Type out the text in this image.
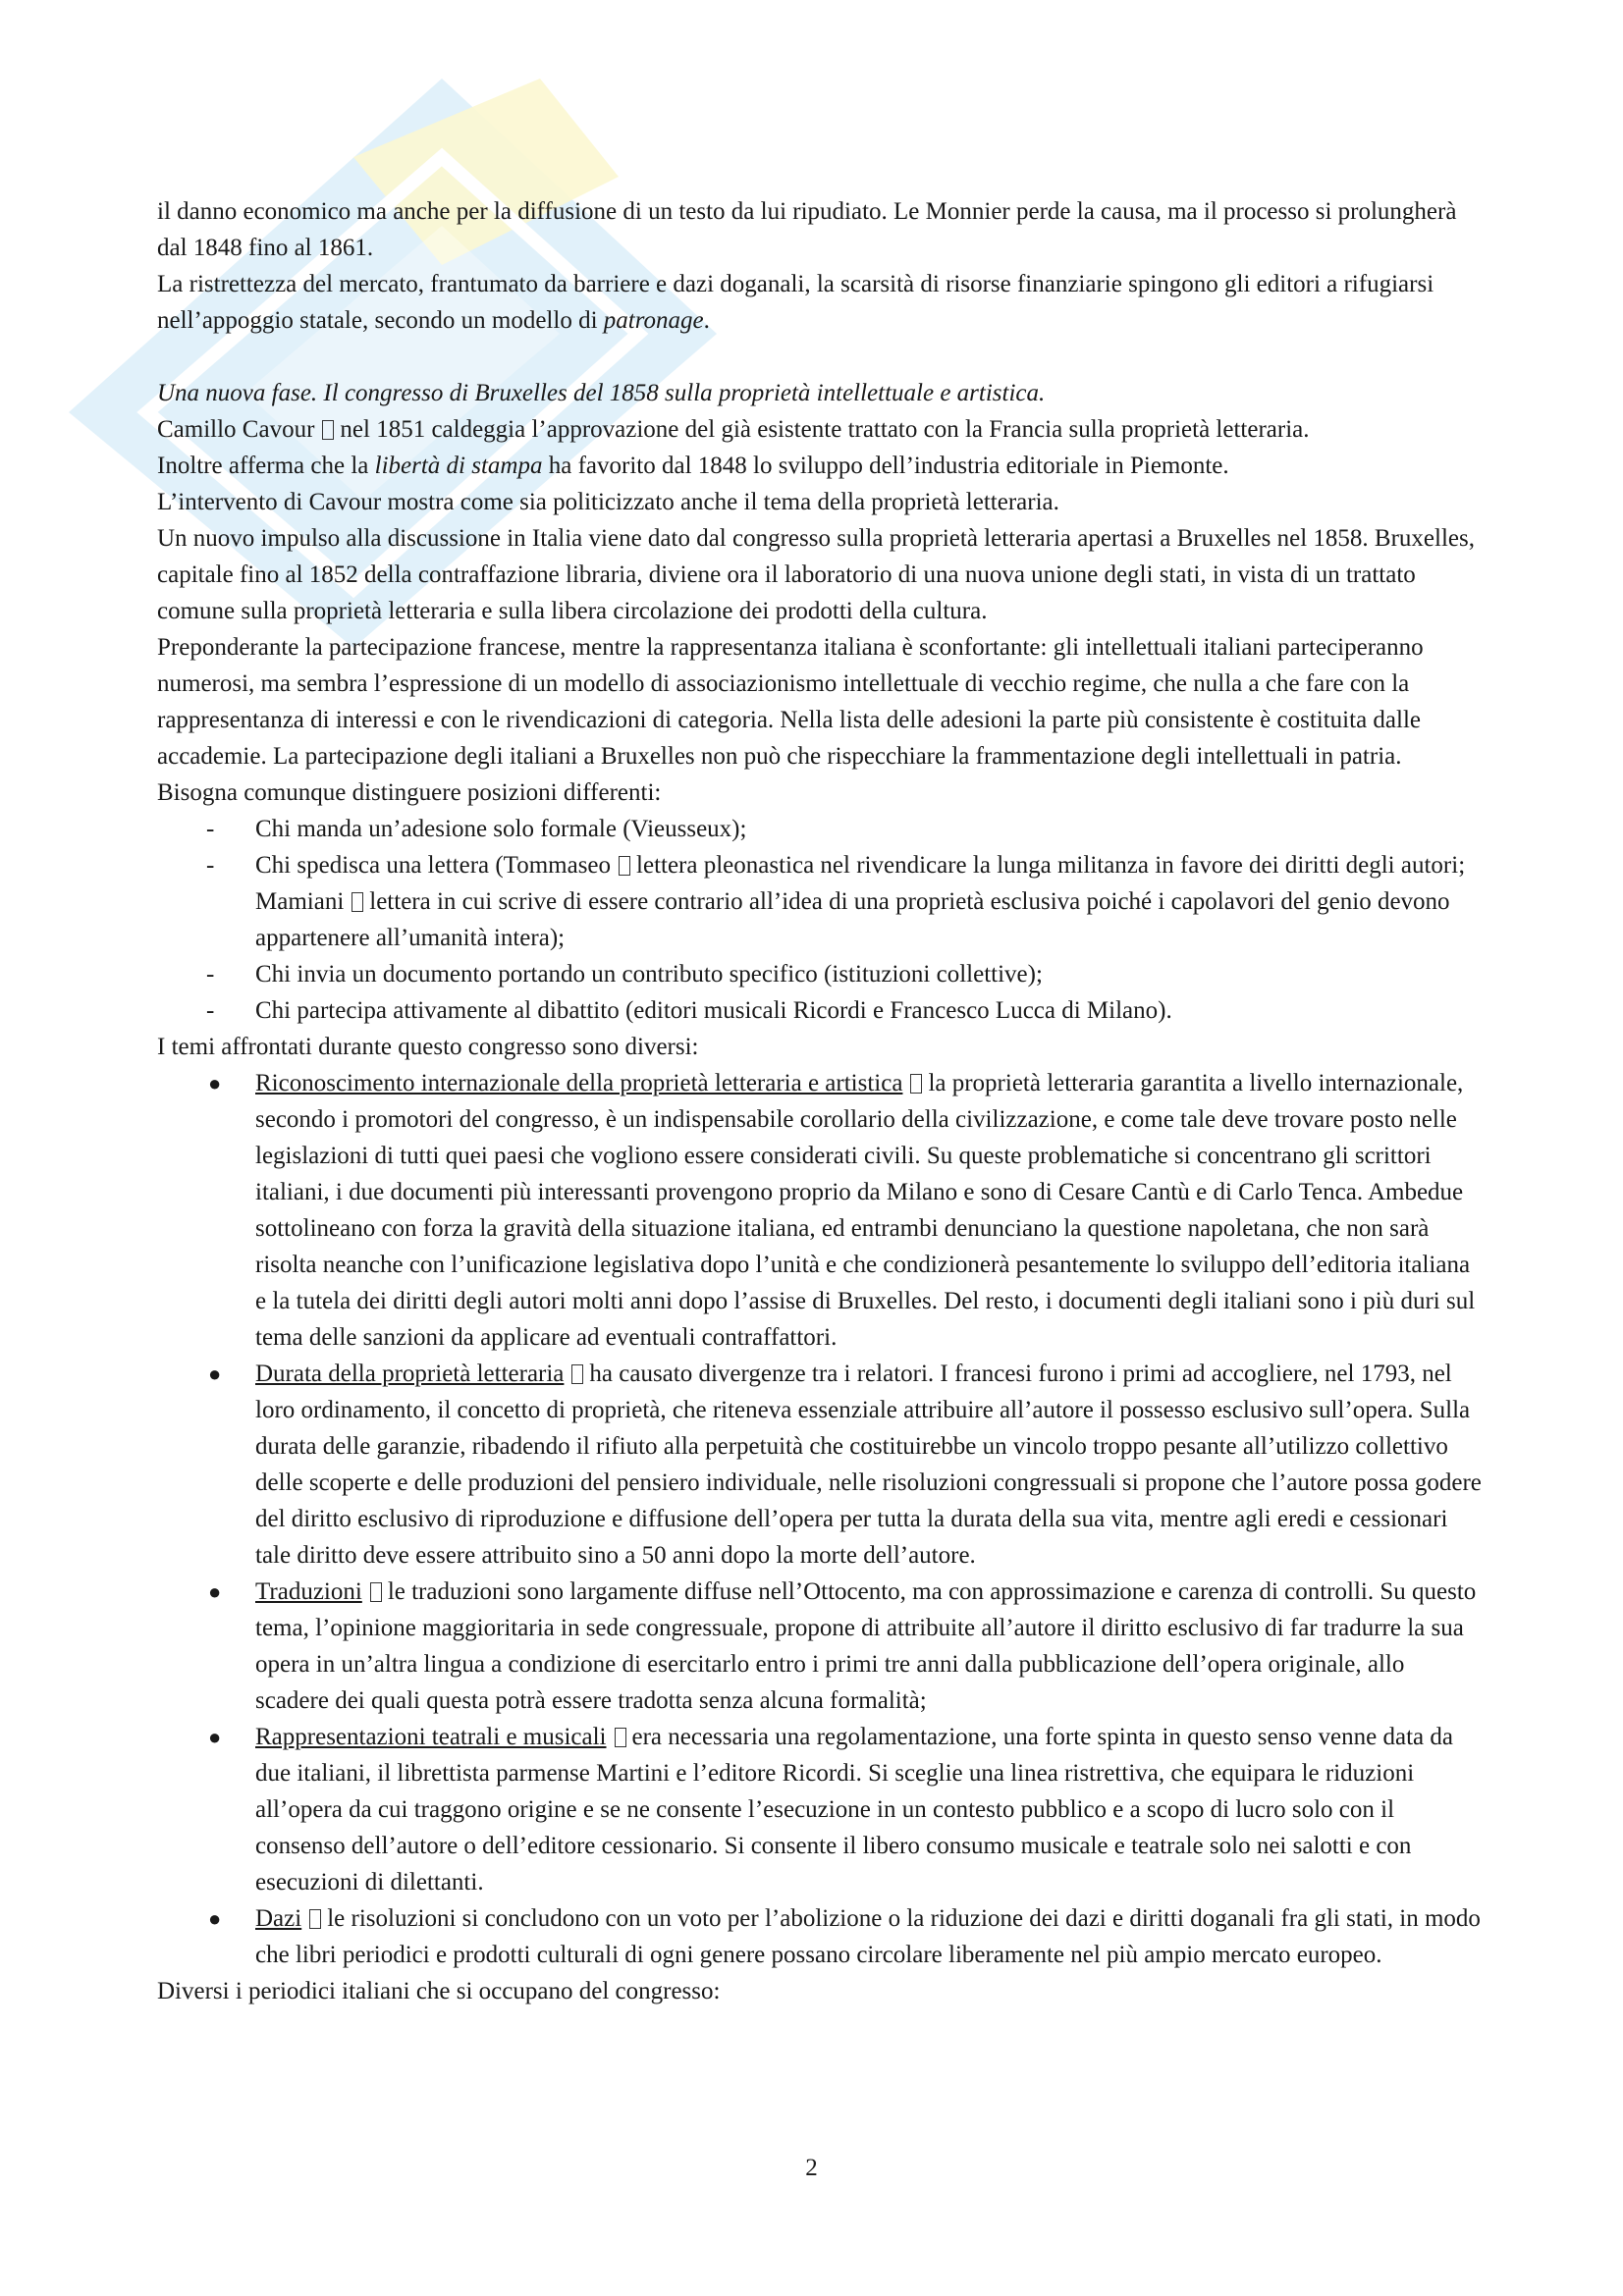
il danno economico ma anche per la diffusione di un testo da lui ripudiato. Le Monnier perde la causa, ma il processo si prolungherà dal 1848 fino al 1861.

La ristrettezza del mercato, frantumato da barriere e dazi doganali, la scarsità di risorse finanziarie spingono gli editori a rifugiarsi nell’appoggio statale, secondo un modello di patronage.

Una nuova fase. Il congresso di Bruxelles del 1858 sulla proprietà intellettuale e artistica.

Camillo Cavour nel 1851 caldeggia l’approvazione del già esistente trattato con la Francia sulla proprietà letteraria.

Inoltre afferma che la libertà di stampa ha favorito dal 1848 lo sviluppo dell’industria editoriale in Piemonte.

L’intervento di Cavour mostra come sia politicizzato anche il tema della proprietà letteraria.

Un nuovo impulso alla discussione in Italia viene dato dal congresso sulla proprietà letteraria apertasi a Bruxelles nel 1858. Bruxelles, capitale fino al 1852 della contraffazione libraria, diviene ora il laboratorio di una nuova unione degli stati, in vista di un trattato comune sulla proprietà letteraria e sulla libera circolazione dei prodotti della cultura.

Preponderante la partecipazione francese, mentre la rappresentanza italiana è sconfortante: gli intellettuali italiani parteciperanno numerosi, ma sembra l’espressione di un modello di associazionismo intellettuale di vecchio regime, che nulla a che fare con la rappresentanza di interessi e con le rivendicazioni di categoria. Nella lista delle adesioni la parte più consistente è costituita dalle accademie. La partecipazione degli italiani a Bruxelles non può che rispecchiare la frammentazione degli intellettuali in patria. Bisogna comunque distinguere posizioni differenti:

- Chi manda un’adesione solo formale (Vieusseux);
- Chi spedisca una lettera (Tommaseo lettera pleonastica nel rivendicare la lunga militanza in favore dei diritti degli autori; Mamiani lettera in cui scrive di essere contrario all’idea di una proprietà esclusiva poiché i capolavori del genio devono appartenere all’umanità intera);
- Chi invia un documento portando un contributo specifico (istituzioni collettive);
- Chi partecipa attivamente al dibattito (editori musicali Ricordi e Francesco Lucca di Milano).

I temi affrontati durante questo congresso sono diversi:

● Riconoscimento internazionale della proprietà letteraria e artistica la proprietà letteraria garantita a livello internazionale, secondo i promotori del congresso, è un indispensabile corollario della civilizzazione, e come tale deve trovare posto nelle legislazioni di tutti quei paesi che vogliono essere considerati civili. Su queste problematiche si concentrano gli scrittori italiani, i due documenti più interessanti provengono proprio da Milano e sono di Cesare Cantù e di Carlo Tenca. Ambedue sottolineano con forza la gravità della situazione italiana, ed entrambi denunciano la questione napoletana, che non sarà risolta neanche con l’unificazione legislativa dopo l’unità e che condizionerà pesantemente lo sviluppo dell’editoria italiana e la tutela dei diritti degli autori molti anni dopo l’assise di Bruxelles. Del resto, i documenti degli italiani sono i più duri sul tema delle sanzioni da applicare ad eventuali contraffattori.
● Durata della proprietà letteraria ha causato divergenze tra i relatori. I francesi furono i primi ad accogliere, nel 1793, nel loro ordinamento, il concetto di proprietà, che riteneva essenziale attribuire all’autore il possesso esclusivo sull’opera. Sulla durata delle garanzie, ribadendo il rifiuto alla perpetuità che costituirebbe un vincolo troppo pesante all’utilizzo collettivo delle scoperte e delle produzioni del pensiero individuale, nelle risoluzioni congressuali si propone che l’autore possa godere del diritto esclusivo di riproduzione e diffusione dell’opera per tutta la durata della sua vita, mentre agli eredi e cessionari tale diritto deve essere attribuito sino a 50 anni dopo la morte dell’autore.
● Traduzioni le traduzioni sono largamente diffuse nell’Ottocento, ma con approssimazione e carenza di controlli. Su questo tema, l’opinione maggioritaria in sede congressuale, propone di attribuite all’autore il diritto esclusivo di far tradurre la sua opera in un’altra lingua a condizione di esercitarlo entro i primi tre anni dalla pubblicazione dell’opera originale, allo scadere dei quali questa potrà essere tradotta senza alcuna formalità;
● Rappresentazioni teatrali e musicali era necessaria una regolamentazione, una forte spinta in questo senso venne data da due italiani, il librettista parmense Martini e l’editore Ricordi. Si sceglie una linea ristrettiva, che equipara le riduzioni all’opera da cui traggono origine e se ne consente l’esecuzione in un contesto pubblico e a scopo di lucro solo con il consenso dell’autore o dell’editore cessionario. Si consente il libero consumo musicale e teatrale solo nei salotti e con esecuzioni di dilettanti.
● Dazi le risoluzioni si concludono con un voto per l’abolizione o la riduzione dei dazi e diritti doganali fra gli stati, in modo che libri periodici e prodotti culturali di ogni genere possano circolare liberamente nel più ampio mercato europeo.

Diversi i periodici italiani che si occupano del congresso:

2
